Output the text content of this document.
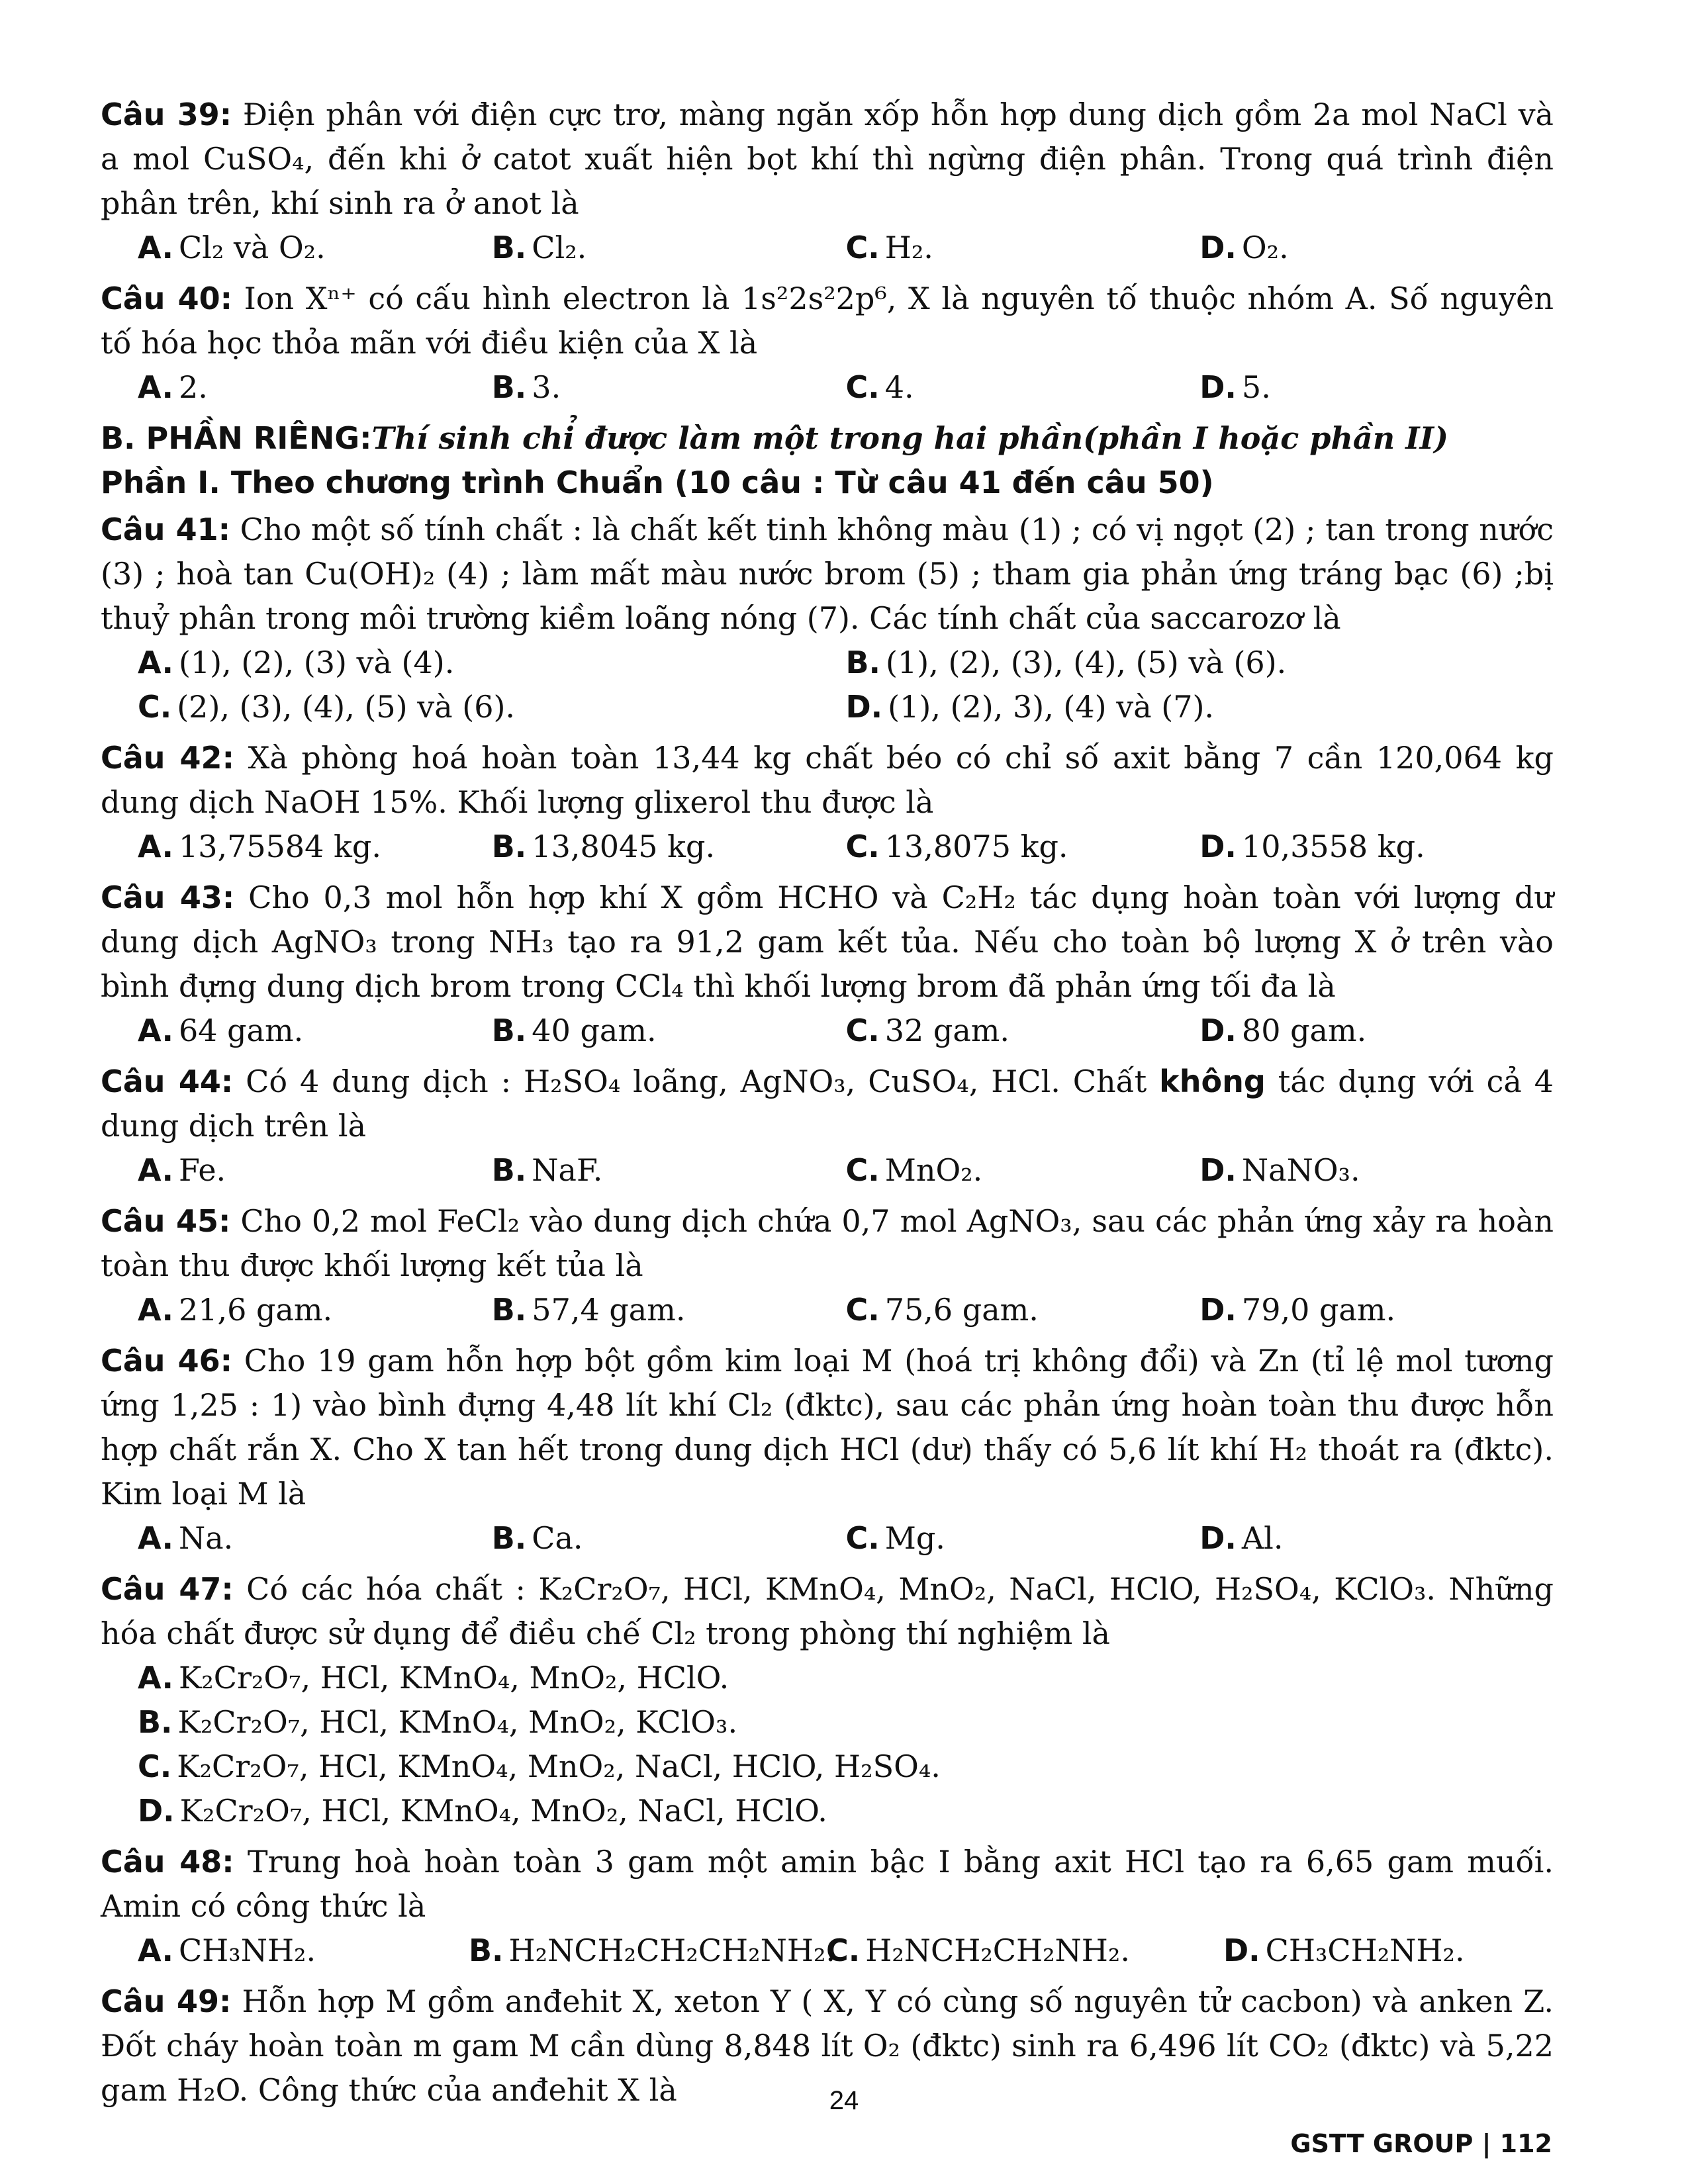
Câu 39: Điện phân với điện cực trơ, màng ngăn xốp hỗn hợp dung dịch gồm 2a mol NaCl và a mol CuSO₄, đến khi ở catot xuất hiện bọt khí thì ngừng điện phân. Trong quá trình điện phân trên, khí sinh ra ở anot là

A. Cl₂ và O₂.	B. Cl₂.	C. H₂.	D. O₂.

Câu 40: Ion Xⁿ⁺ có cấu hình electron là 1s²2s²2p⁶, X là nguyên tố thuộc nhóm A. Số nguyên tố hóa học thỏa mãn với điều kiện của X là

A. 2.	B. 3.	C. 4.	D. 5.

B. PHẦN RIÊNG:Thí sinh chỉ được làm một trong hai phần(phần I hoặc phần II)

Phần I. Theo chương trình Chuẩn (10 câu : Từ câu 41 đến câu 50)

Câu 41: Cho một số tính chất : là chất kết tinh không màu (1) ; có vị ngọt (2) ; tan trong nước (3) ; hoà tan Cu(OH)₂ (4) ; làm mất màu nước brom (5) ; tham gia phản ứng tráng bạc (6) ;bị thuỷ phân trong môi trường kiềm loãng nóng (7). Các tính chất của saccarozơ là

A. (1), (2), (3) và (4).	B. (1), (2), (3), (4), (5) và (6).
C. (2), (3), (4), (5) và (6).	D. (1), (2), 3), (4) và (7).

Câu 42: Xà phòng hoá hoàn toàn 13,44 kg chất béo có chỉ số axit bằng 7 cần 120,064 kg dung dịch NaOH 15%. Khối lượng glixerol thu được là

A. 13,75584 kg.	B. 13,8045 kg.	C. 13,8075 kg.	D. 10,3558 kg.

Câu 43: Cho 0,3 mol hỗn hợp khí X gồm HCHO và C₂H₂ tác dụng hoàn toàn với lượng dư dung dịch AgNO₃ trong NH₃ tạo ra 91,2 gam kết tủa. Nếu cho toàn bộ lượng X ở trên vào bình đựng dung dịch brom trong CCl₄ thì khối lượng brom đã phản ứng tối đa là

A. 64 gam.	B. 40 gam.	C. 32 gam.	D. 80 gam.

Câu 44: Có 4 dung dịch : H₂SO₄ loãng, AgNO₃, CuSO₄, HCl. Chất không tác dụng với cả 4 dung dịch trên là

A. Fe.	B. NaF.	C. MnO₂.	D. NaNO₃.

Câu 45: Cho 0,2 mol FeCl₂ vào dung dịch chứa 0,7 mol AgNO₃, sau các phản ứng xảy ra hoàn toàn thu được khối lượng kết tủa là

A. 21,6 gam.	B. 57,4 gam.	C. 75,6 gam.	D. 79,0 gam.

Câu 46: Cho 19 gam hỗn hợp bột gồm kim loại M (hoá trị không đổi) và Zn (tỉ lệ mol tương ứng 1,25 : 1) vào bình đựng 4,48 lít khí Cl₂ (đktc), sau các phản ứng hoàn toàn thu được hỗn hợp chất rắn X. Cho X tan hết trong dung dịch HCl (dư) thấy có 5,6 lít khí H₂ thoát ra (đktc). Kim loại M là

A. Na.	B. Ca.	C. Mg.	D. Al.

Câu 47: Có các hóa chất : K₂Cr₂O₇, HCl, KMnO₄, MnO₂, NaCl, HClO, H₂SO₄, KClO₃. Những hóa chất được sử dụng để điều chế Cl₂ trong phòng thí nghiệm là

A. K₂Cr₂O₇, HCl, KMnO₄, MnO₂, HClO.
B. K₂Cr₂O₇, HCl, KMnO₄, MnO₂, KClO₃.
C. K₂Cr₂O₇, HCl, KMnO₄, MnO₂, NaCl, HClO, H₂SO₄.
D. K₂Cr₂O₇, HCl, KMnO₄, MnO₂, NaCl, HClO.

Câu 48: Trung hoà hoàn toàn 3 gam một amin bậc I bằng axit HCl tạo ra 6,65 gam muối. Amin có công thức là

A. CH₃NH₂.	B. H₂NCH₂CH₂CH₂NH₂.
C. H₂NCH₂CH₂NH₂.	D. CH₃CH₂NH₂.

Câu 49: Hỗn hợp M gồm anđehit X, xeton Y ( X, Y có cùng số nguyên tử cacbon) và anken Z. Đốt cháy hoàn toàn m gam M cần dùng 8,848 lít O₂ (đktc) sinh ra 6,496 lít CO₂ (đktc) và 5,22 gam H₂O. Công thức của anđehit X là	24
GSTT GROUP | 112
